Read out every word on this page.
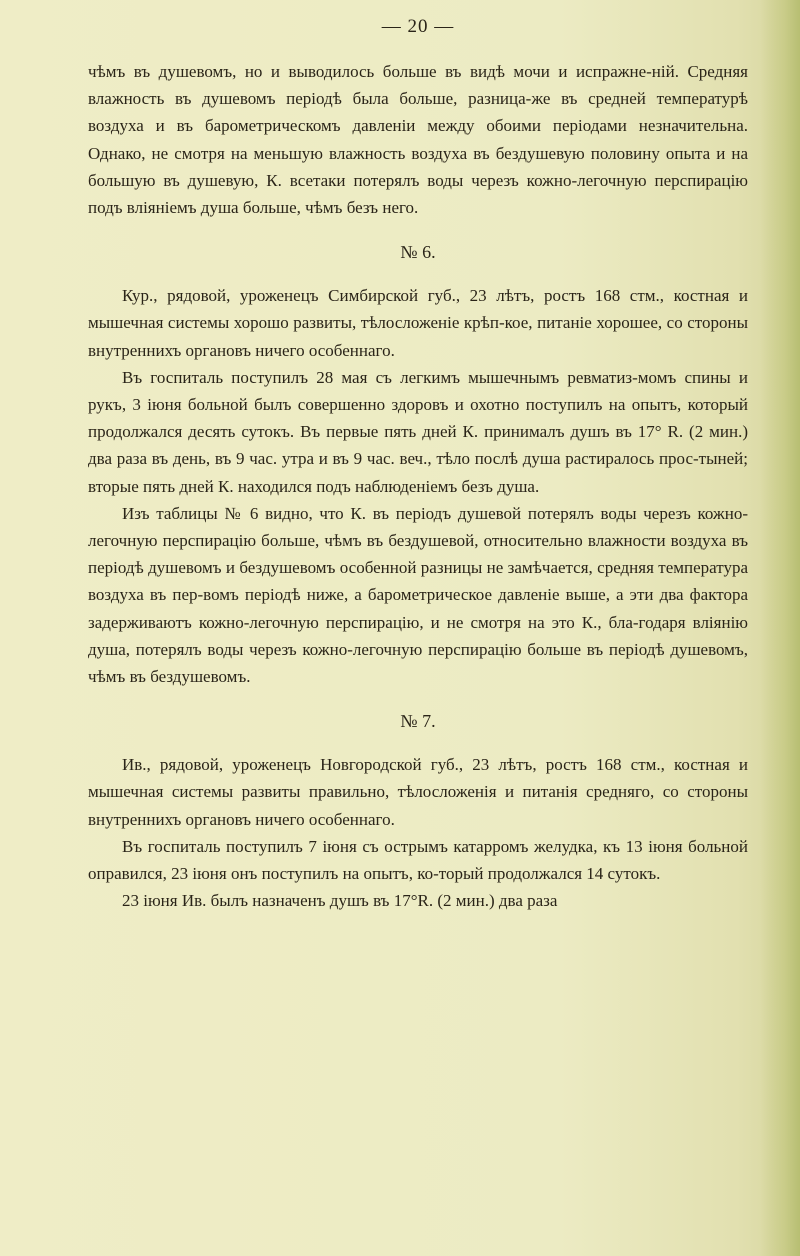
— 20 —

чѣмъ въ душевомъ, но и выводилось больше въ видѣ мочи и испражне-ній. Средняя влажность въ душевомъ періодѣ была больше, разница-же въ средней температурѣ воздуха и въ барометрическомъ давленіи между обоими періодами незначительна. Однако, не смотря на меньшую влажность воздуха въ бездушевую половину опыта и на большую въ душевую, К. всетаки потерялъ воды черезъ кожно-легочную перспирацію подъ вліяніемъ душа больше, чѣмъ безъ него.

№ 6.

Кур., рядовой, уроженецъ Симбирской губ., 23 лѣтъ, ростъ 168 стм., костная и мышечная системы хорошо развиты, тѣлосложеніе крѣп-кое, питаніе хорошее, со стороны внутреннихъ органовъ ничего особеннаго.

Въ госпиталь поступилъ 28 мая съ легкимъ мышечнымъ ревматиз-момъ спины и рукъ, 3 іюня больной былъ совершенно здоровъ и охотно поступилъ на опытъ, который продолжался десять сутокъ. Въ первые пять дней К. принималъ душъ въ 17° R. (2 мин.) два раза въ день, въ 9 час. утра и въ 9 час. веч., тѣло послѣ душа растиралось прос-тыней; вторые пять дней К. находился подъ наблюденіемъ безъ душа.

Изъ таблицы № 6 видно, что К. въ періодъ душевой потерялъ воды черезъ кожно-легочную перспирацію больше, чѣмъ въ бездушевой, относительно влажности воздуха въ періодѣ душевомъ и бездушевомъ особенной разницы не замѣчается, средняя температура воздуха въ пер-вомъ періодѣ ниже, а барометрическое давленіе выше, а эти два фактора задерживаютъ кожно-легочную перспирацію, и не смотря на это К., бла-годаря вліянію душа, потерялъ воды черезъ кожно-легочную перспирацію больше въ періодѣ душевомъ, чѣмъ въ бездушевомъ.

№ 7.

Ив., рядовой, уроженецъ Новгородской губ., 23 лѣтъ, ростъ 168 стм., костная и мышечная системы развиты правильно, тѣлосложенія и питанія средняго, со стороны внутреннихъ органовъ ничего особеннаго.

Въ госпиталь поступилъ 7 іюня съ острымъ катарромъ желудка, къ 13 іюня больной оправился, 23 іюня онъ поступилъ на опытъ, ко-торый продолжался 14 сутокъ.

23 іюня Ив. былъ назначенъ душъ въ 17°R. (2 мин.) два раза
